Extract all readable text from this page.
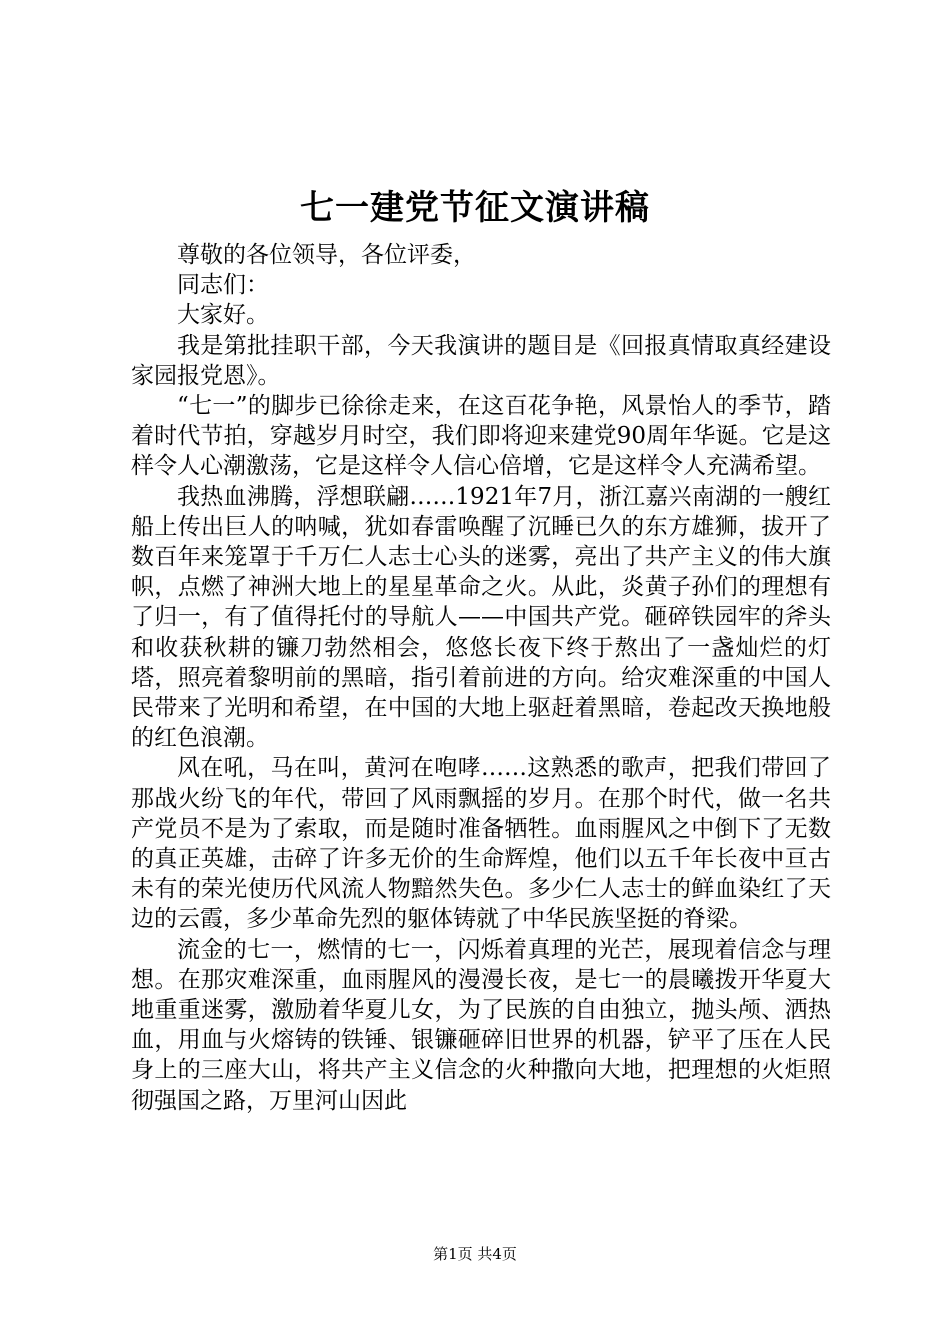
七一建党节征文演讲稿

尊敬的各位领导，各位评委，

同志们：

大家好。

我是第批挂职干部，今天我演讲的题目是《回报真情取真经建设家园报党恩》。

“七一”的脚步已徐徐走来，在这百花争艳，风景怡人的季节，踏着时代节拍，穿越岁月时空，我们即将迎来建党90周年华诞。它是这样令人心潮激荡，它是这样令人信心倍增，它是这样令人充满希望。

我热血沸腾，浮想联翩……1921年7月，浙江嘉兴南湖的一艘红船上传出巨人的呐喊，犹如春雷唤醒了沉睡已久的东方雄狮，拔开了数百年来笼罩于千万仁人志士心头的迷雾，亮出了共产主义的伟大旗帜，点燃了神洲大地上的星星革命之火。从此，炎黄子孙们的理想有了归一，有了值得托付的导航人——中国共产党。砸碎铁园牢的斧头和收获秋耕的镰刀勃然相会，悠悠长夜下终于熬出了一盏灿烂的灯塔，照亮着黎明前的黑暗，指引着前进的方向。给灾难深重的中国人民带来了光明和希望，在中国的大地上驱赶着黑暗，卷起改天换地般的红色浪潮。

风在吼，马在叫，黄河在咆哮……这熟悉的歌声，把我们带回了那战火纷飞的年代，带回了风雨飘摇的岁月。在那个时代，做一名共产党员不是为了索取，而是随时准备牺牲。血雨腥风之中倒下了无数的真正英雄，击碎了许多无价的生命辉煌，他们以五千年长夜中亘古未有的荣光使历代风流人物黯然失色。多少仁人志士的鲜血染红了天边的云霞，多少革命先烈的躯体铸就了中华民族坚挺的脊梁。

流金的七一，燃情的七一，闪烁着真理的光芒，展现着信念与理想。在那灾难深重，血雨腥风的漫漫长夜，是七一的晨曦拨开华夏大地重重迷雾，激励着华夏儿女，为了民族的自由独立，抛头颅、洒热血，用血与火熔铸的铁锤、银镰砸碎旧世界的机器，铲平了压在人民身上的三座大山，将共产主义信念的火种撒向大地，把理想的火炬照彻强国之路，万里河山因此

第1页 共4页
